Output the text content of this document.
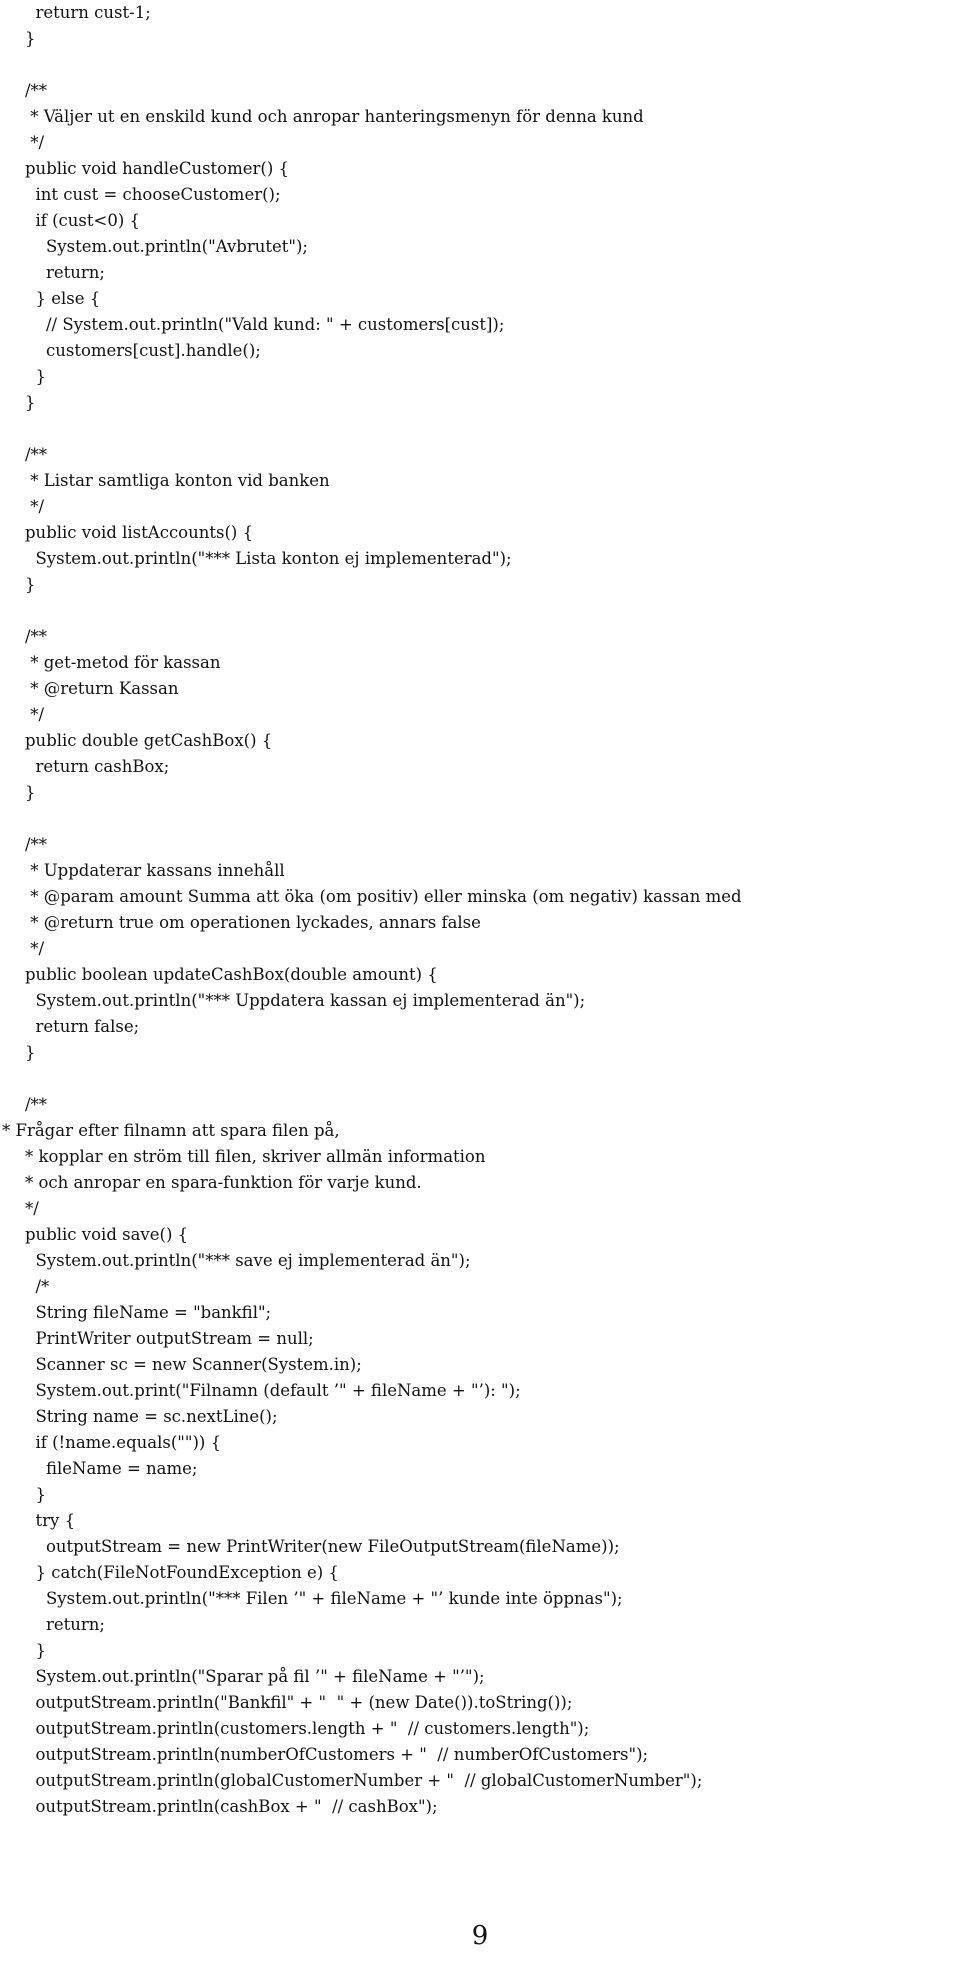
return cust-1;
}
/**
* Väljer ut en enskild kund och anropar hanteringsmenyn för denna kund
*/
public void handleCustomer() {
int cust = chooseCustomer();
if (cust<0) {
System.out.println("Avbrutet");
return;
} else {
// System.out.println("Vald kund: " + customers[cust]);
customers[cust].handle();
}
}
/**
* Listar samtliga konton vid banken
*/
public void listAccounts() {
System.out.println("*** Lista konton ej implementerad");
}
/**
* get-metod för kassan
* @return Kassan
*/
public double getCashBox() {
return cashBox;
}
/**
* Uppdaterar kassans innehåll
* @param amount Summa att öka (om positiv) eller minska (om negativ) kassan med
* @return true om operationen lyckades, annars false
*/
public boolean updateCashBox(double amount) {
System.out.println("*** Uppdatera kassan ej implementerad än");
return false;
}
/**
* Frågar efter filnamn att spara filen på,
* kopplar en ström till filen, skriver allmän information
* och anropar en spara-funktion för varje kund.
*/
public void save() {
System.out.println("*** save ej implementerad än");
/*
String fileName = "bankfil";
PrintWriter outputStream = null;
Scanner sc = new Scanner(System.in);
System.out.print("Filnamn (default ’" + fileName + "’): ");
String name = sc.nextLine();
if (!name.equals("")) {
fileName = name;
}
try {
outputStream = new PrintWriter(new FileOutputStream(fileName));
} catch(FileNotFoundException e) {
System.out.println("*** Filen ’" + fileName + "’ kunde inte öppnas");
return;
}
System.out.println("Sparar på fil ’" + fileName + "’");
outputStream.println("Bankfil" + "  " + (new Date()).toString());
outputStream.println(customers.length + "  // customers.length");
outputStream.println(numberOfCustomers + "  // numberOfCustomers");
outputStream.println(globalCustomerNumber + "  // globalCustomerNumber");
outputStream.println(cashBox + "  // cashBox");
9
